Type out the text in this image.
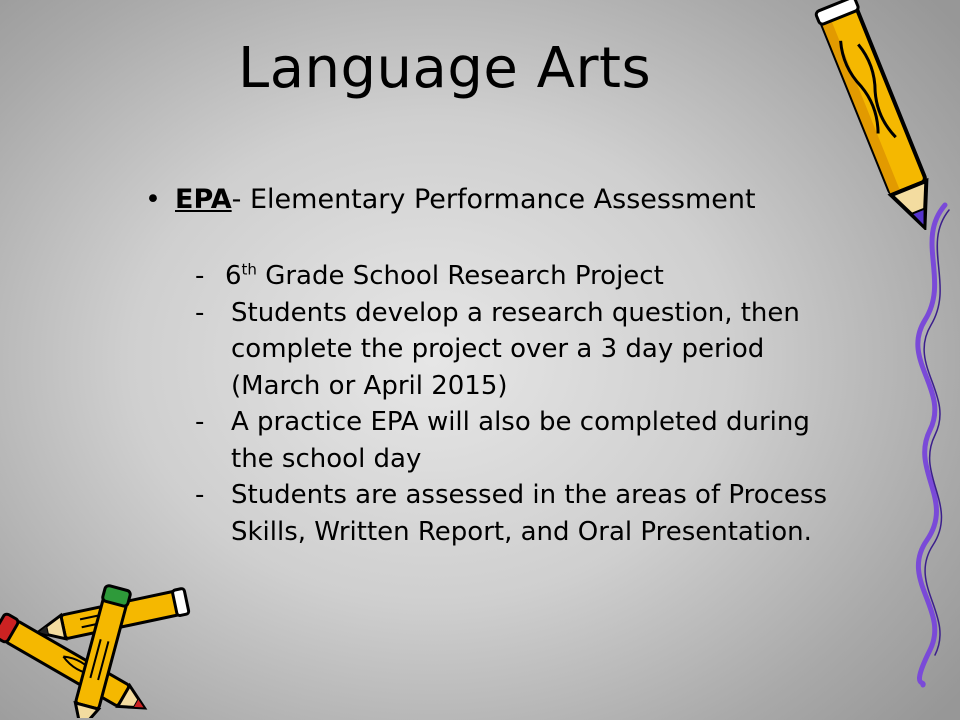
Language Arts
• EPA- Elementary Performance Assessment
- 6th Grade School Research Project
-	Students develop a research question, then complete the project over a 3 day period (March or April 2015)
-	A practice EPA will also be completed during the school day
-	Students are assessed in the areas of Process Skills, Written Report, and Oral Presentation.
